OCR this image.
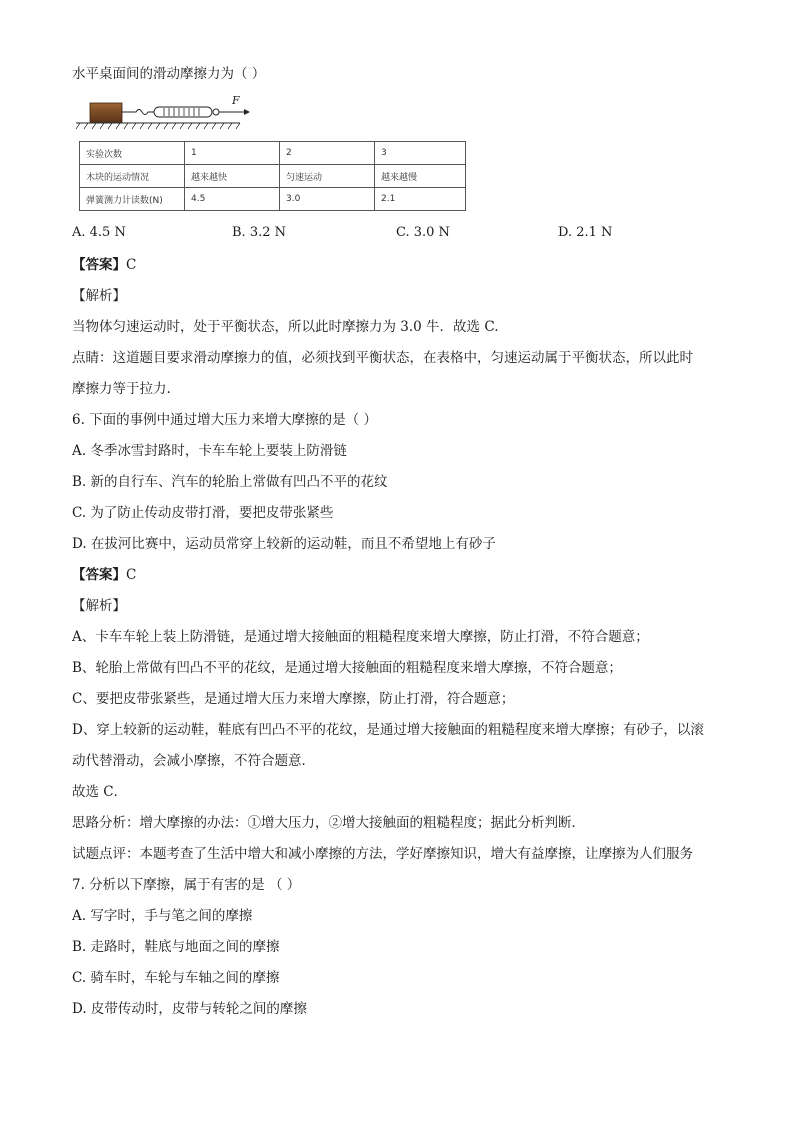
水平桌面间的滑动摩擦力为（ ）
F
实验次数	1	2	3
木块的运动情况	越来越快	匀速运动	越来越慢
弹簧测力计读数(N)	4.5	3.0	2.1
A. 4.5 N	B. 3.2 N	C. 3.0 N	D. 2.1 N
【答案】C
【解析】
当物体匀速运动时，处于平衡状态，所以此时摩擦力为 3.0 牛．故选 C.
点睛：这道题目要求滑动摩擦力的值，必须找到平衡状态，在表格中，匀速运动属于平衡状态，所以此时
摩擦力等于拉力.
6. 下面的事例中通过增大压力来增大摩擦的是（ ）
A. 冬季冰雪封路时，卡车车轮上要装上防滑链
B. 新的自行车、汽车的轮胎上常做有凹凸不平的花纹
C. 为了防止传动皮带打滑，要把皮带张紧些
D. 在拔河比赛中，运动员常穿上较新的运动鞋，而且不希望地上有砂子
【答案】C
【解析】
A、卡车车轮上装上防滑链，是通过增大接触面的粗糙程度来增大摩擦，防止打滑，不符合题意；
B、轮胎上常做有凹凸不平的花纹，是通过增大接触面的粗糙程度来增大摩擦，不符合题意；
C、要把皮带张紧些，是通过增大压力来增大摩擦，防止打滑，符合题意；
D、穿上较新的运动鞋，鞋底有凹凸不平的花纹，是通过增大接触面的粗糙程度来增大摩擦；有砂子，以滚
动代替滑动，会减小摩擦，不符合题意．
故选 C．
思路分析：增大摩擦的办法：①增大压力，②增大接触面的粗糙程度；据此分析判断．
试题点评：本题考查了生活中增大和减小摩擦的方法，学好摩擦知识，增大有益摩擦，让摩擦为人们服务
7. 分析以下摩擦，属于有害的是 （ ）
A. 写字时，手与笔之间的摩擦
B. 走路时，鞋底与地面之间的摩擦
C. 骑车时，车轮与车轴之间的摩擦
D. 皮带传动时，皮带与转轮之间的摩擦
